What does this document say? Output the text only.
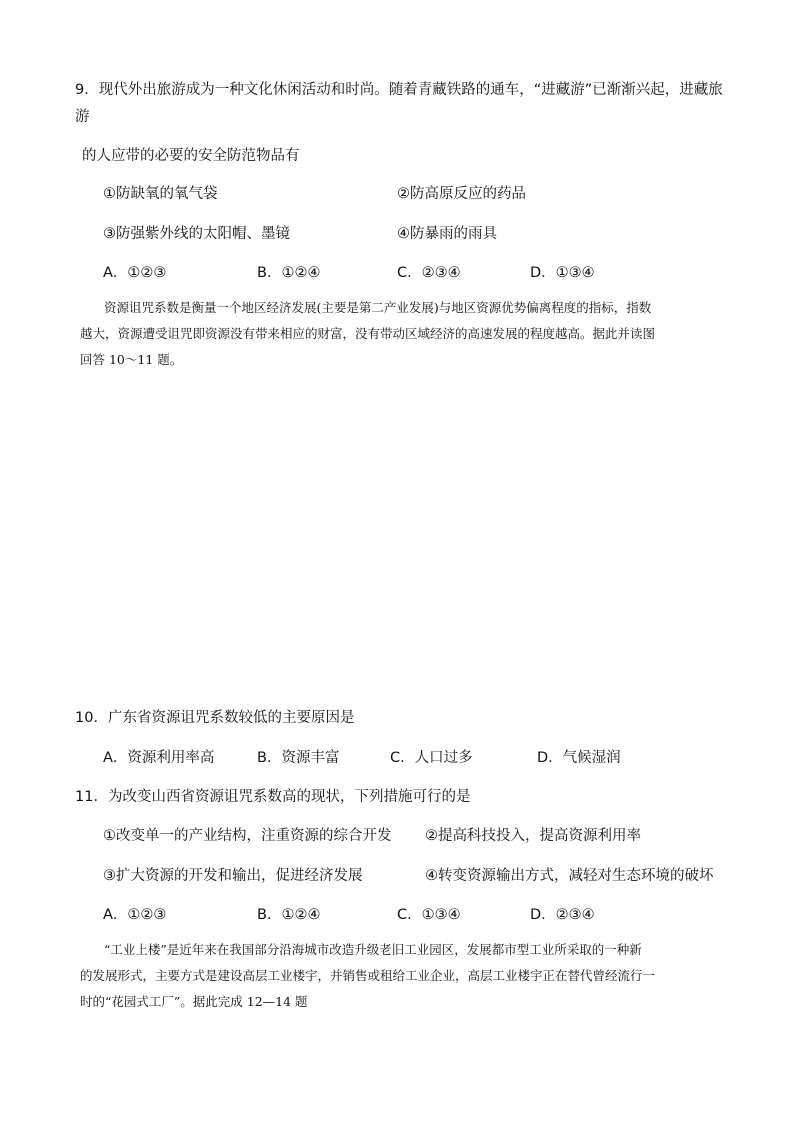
9．现代外出旅游成为一种文化休闲活动和时尚。随着青藏铁路的通车，“进藏游”已渐渐兴起，进藏旅
游
的人应带的必要的安全防范物品有
①防缺氧的氧气袋	②防高原反应的药品
③防强紫外线的太阳帽、墨镜	④防暴雨的雨具
A．①②③	B．①②④	C．②③④	D．①③④
资源诅咒系数是衡量一个地区经济发展(主要是第二产业发展)与地区资源优势偏离程度的指标，指数
越大，资源遭受诅咒即资源没有带来相应的财富，没有带动区域经济的高速发展的程度越高。据此并读图
回答 10～11 题。
10．广东省资源诅咒系数较低的主要原因是
A．资源利用率高	B．资源丰富	C．人口过多	D．气候湿润
11．为改变山西省资源诅咒系数高的现状，下列措施可行的是
①改变单一的产业结构，注重资源的综合开发 ②提高科技投入，提高资源利用率
③扩大资源的开发和输出，促进经济发展	④转变资源输出方式，减轻对生态环境的破坏
A．①②③	B．①②④	C．①③④	D．②③④
“工业上楼”是近年来在我国部分沿海城市改造升级老旧工业园区，发展都市型工业所采取的一种新
的发展形式，主要方式是建设高层工业楼宇，并销售或租给工业企业，高层工业楼宇正在替代曾经流行一
时的“花园式工厂”。据此完成 12—14 题
